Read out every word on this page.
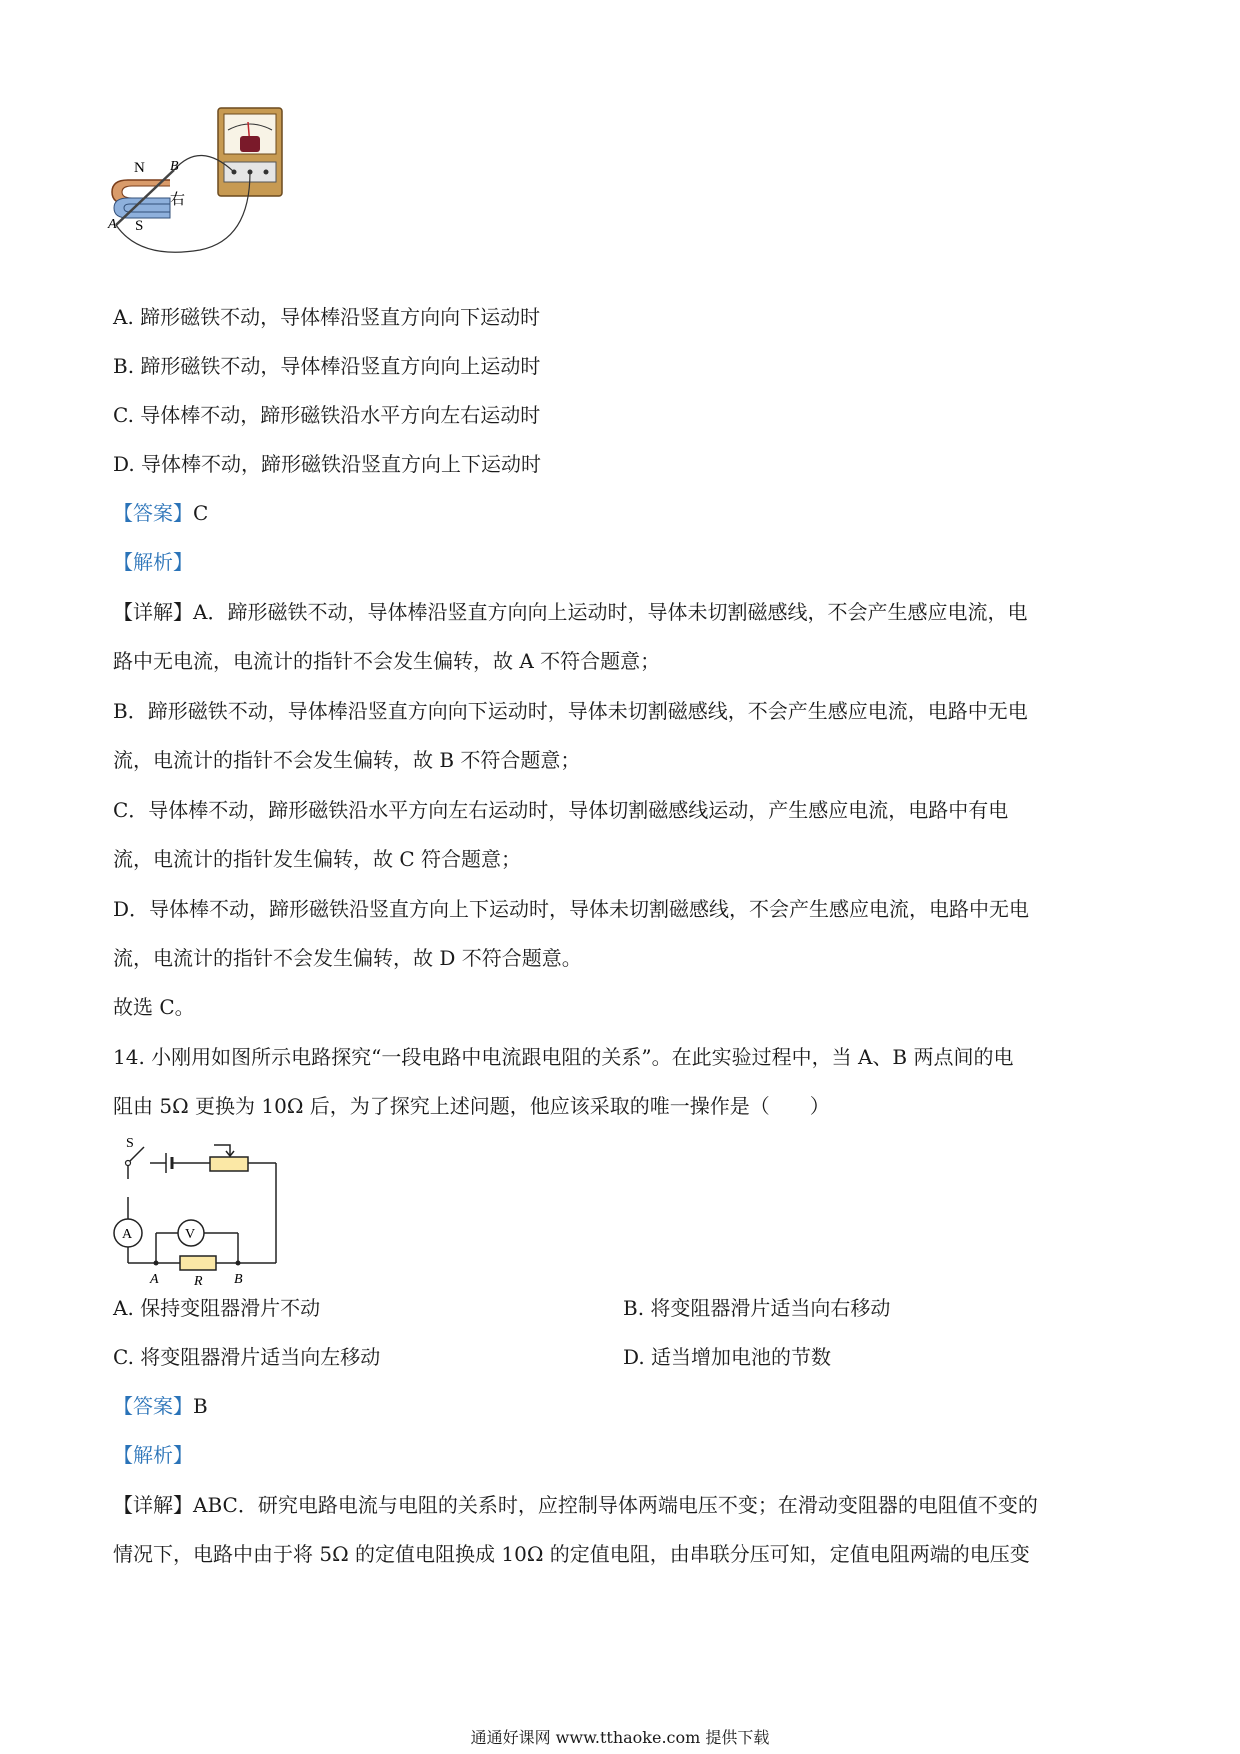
N
S
A
B
右
A. 蹄形磁铁不动，导体棒沿竖直方向向下运动时
B. 蹄形磁铁不动，导体棒沿竖直方向向上运动时
C. 导体棒不动，蹄形磁铁沿水平方向左右运动时
D. 导体棒不动，蹄形磁铁沿竖直方向上下运动时
【答案】C
【解析】
【详解】A．蹄形磁铁不动，导体棒沿竖直方向向上运动时，导体未切割磁感线，不会产生感应电流，电
路中无电流，电流计的指针不会发生偏转，故 A 不符合题意；
B．蹄形磁铁不动，导体棒沿竖直方向向下运动时，导体未切割磁感线，不会产生感应电流，电路中无电
流，电流计的指针不会发生偏转，故 B 不符合题意；
C．导体棒不动，蹄形磁铁沿水平方向左右运动时，导体切割磁感线运动，产生感应电流，电路中有电
流，电流计的指针发生偏转，故 C 符合题意；
D．导体棒不动，蹄形磁铁沿竖直方向上下运动时，导体未切割磁感线，不会产生感应电流，电路中无电
流，电流计的指针不会发生偏转，故 D 不符合题意。
故选 C。
14. 小刚用如图所示电路探究“一段电路中电流跟电阻的关系”。在此实验过程中，当 A、B 两点间的电
阻由 5Ω 更换为 10Ω 后，为了探究上述问题，他应该采取的唯一操作是（　　）
S
A	V
A	R B
A. 保持变阻器滑片不动	B. 将变阻器滑片适当向右移动
C. 将变阻器滑片适当向左移动	D. 适当增加电池的节数
【答案】B
【解析】
【详解】ABC．研究电路电流与电阻的关系时，应控制导体两端电压不变；在滑动变阻器的电阻值不变的
情况下，电路中由于将 5Ω 的定值电阻换成 10Ω 的定值电阻，由串联分压可知，定值电阻两端的电压变
通通好课网 www.tthaoke.com 提供下载
